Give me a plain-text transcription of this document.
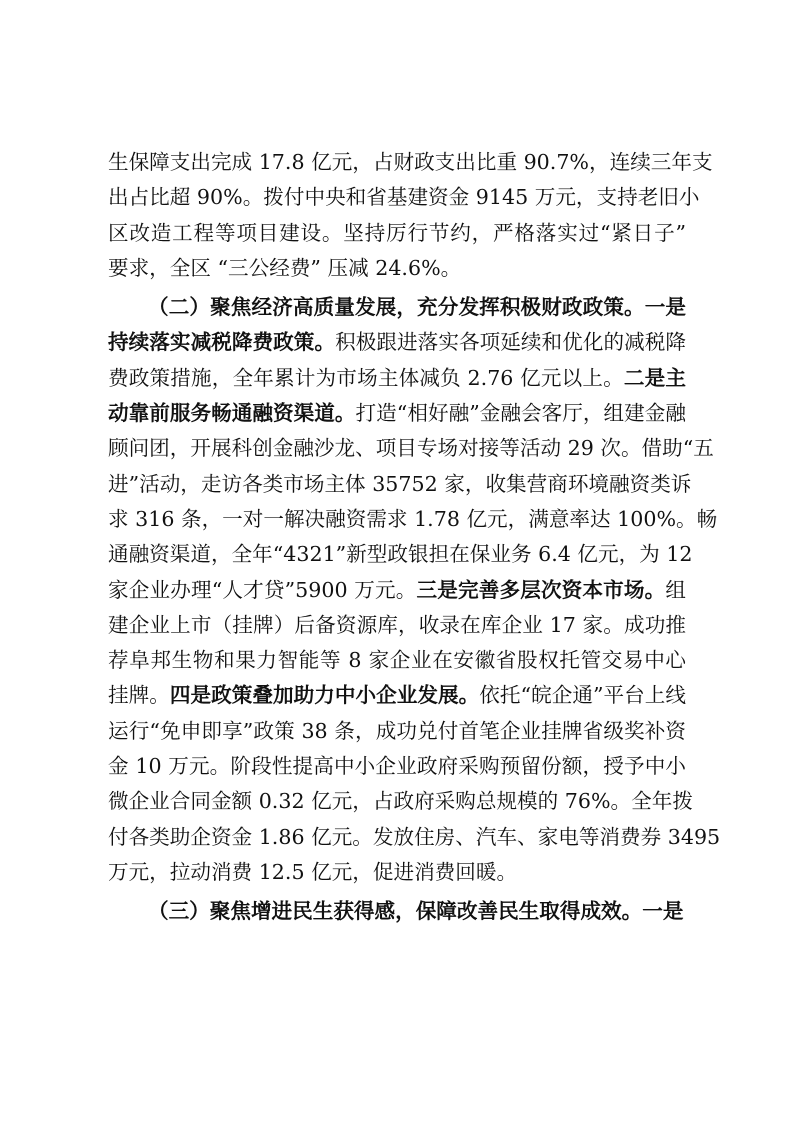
生保障支出完成 17.8 亿元，占财政支出比重 90.7%，连续三年支
出占比超 90%。拨付中央和省基建资金 9145 万元，支持老旧小
区改造工程等项目建设。坚持厉行节约，严格落实过“紧日子”
要求，全区 “三公经费” 压减 24.6%。
（二）聚焦经济高质量发展，充分发挥积极财政政策。一是
持续落实减税降费政策。积极跟进落实各项延续和优化的减税降
费政策措施，全年累计为市场主体减负 2.76 亿元以上。二是主
动靠前服务畅通融资渠道。打造“相好融”金融会客厅，组建金融
顾问团，开展科创金融沙龙、项目专场对接等活动 29 次。借助“五
进”活动，走访各类市场主体 35752 家，收集营商环境融资类诉
求 316 条，一对一解决融资需求 1.78 亿元，满意率达 100%。畅
通融资渠道，全年“4321”新型政银担在保业务 6.4 亿元，为 12
家企业办理“人才贷”5900 万元。三是完善多层次资本市场。组
建企业上市（挂牌）后备资源库，收录在库企业 17 家。成功推
荐阜邦生物和果力智能等 8 家企业在安徽省股权托管交易中心
挂牌。四是政策叠加助力中小企业发展。依托“皖企通”平台上线
运行“免申即享”政策 38 条，成功兑付首笔企业挂牌省级奖补资
金 10 万元。阶段性提高中小企业政府采购预留份额，授予中小
微企业合同金额 0.32 亿元，占政府采购总规模的 76%。全年拨
付各类助企资金 1.86 亿元。发放住房、汽车、家电等消费券 3495
万元，拉动消费 12.5 亿元，促进消费回暖。
（三）聚焦增进民生获得感，保障改善民生取得成效。一是
